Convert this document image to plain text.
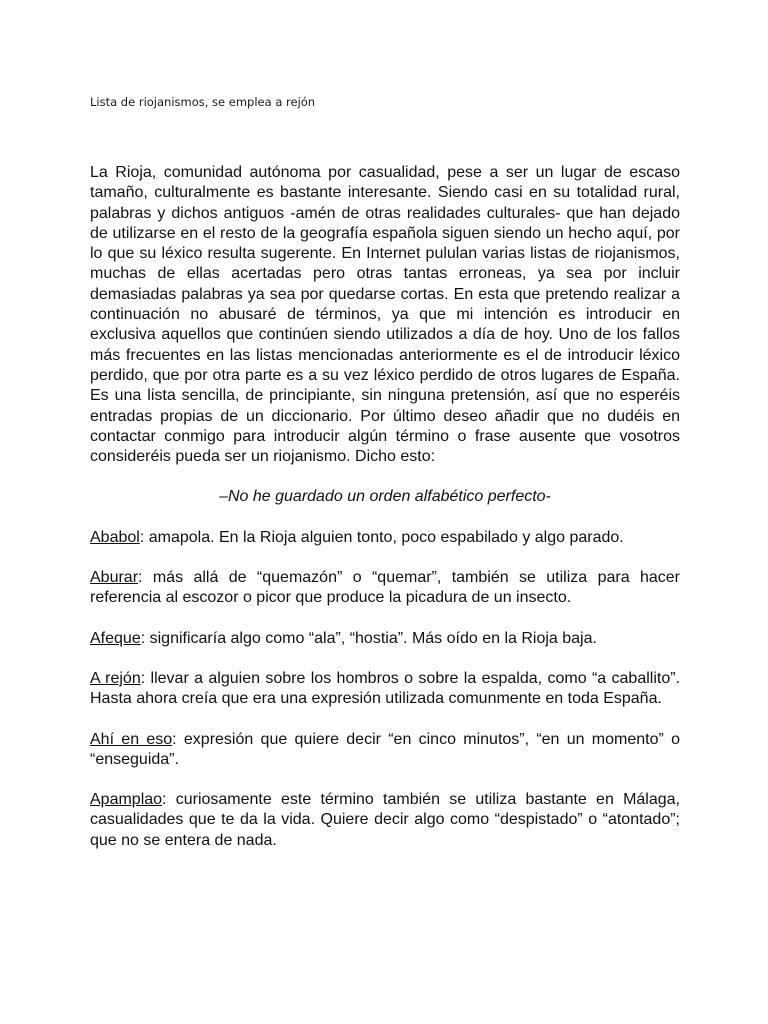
Lista de riojanismos, se emplea a rejón

La Rioja, comunidad autónoma por casualidad, pese a ser un lugar de escaso tamaño, culturalmente es bastante interesante. Siendo casi en su totalidad rural, palabras y dichos antiguos -amén de otras realidades culturales- que han dejado de utilizarse en el resto de la geografía española siguen siendo un hecho aquí, por lo que su léxico resulta sugerente. En Internet pululan varias listas de riojanismos, muchas de ellas acertadas pero otras tantas erroneas, ya sea por incluir demasiadas palabras ya sea por quedarse cortas. En esta que pretendo realizar a continuación no abusaré de términos, ya que mi intención es introducir en exclusiva aquellos que continúen siendo utilizados a día de hoy. Uno de los fallos más frecuentes en las listas mencionadas anteriormente es el de introducir léxico perdido, que por otra parte es a su vez léxico perdido de otros lugares de España. Es una lista sencilla, de principiante, sin ninguna pretensión, así que no esperéis entradas propias de un diccionario. Por último deseo añadir que no dudéis en contactar conmigo para introducir algún término o frase ausente que vosotros consideréis pueda ser un riojanismo. Dicho esto:

–No he guardado un orden alfabético perfecto-

Ababol: amapola. En la Rioja alguien tonto, poco espabilado y algo parado.

Aburar: más allá de “quemazón” o “quemar”, también se utiliza para hacer referencia al escozor o picor que produce la picadura de un insecto.

Afeque: significaría algo como “ala”, “hostia”. Más oído en la Rioja baja.

A rejón: llevar a alguien sobre los hombros o sobre la espalda, como “a caballito”. Hasta ahora creía que era una expresión utilizada comunmente en toda España.

Ahí en eso: expresión que quiere decir “en cinco minutos”, “en un momento” o “enseguida”.

Apamplao: curiosamente este término también se utiliza bastante en Málaga, casualidades que te da la vida. Quiere decir algo como “despistado” o “atontado”; que no se entera de nada.
